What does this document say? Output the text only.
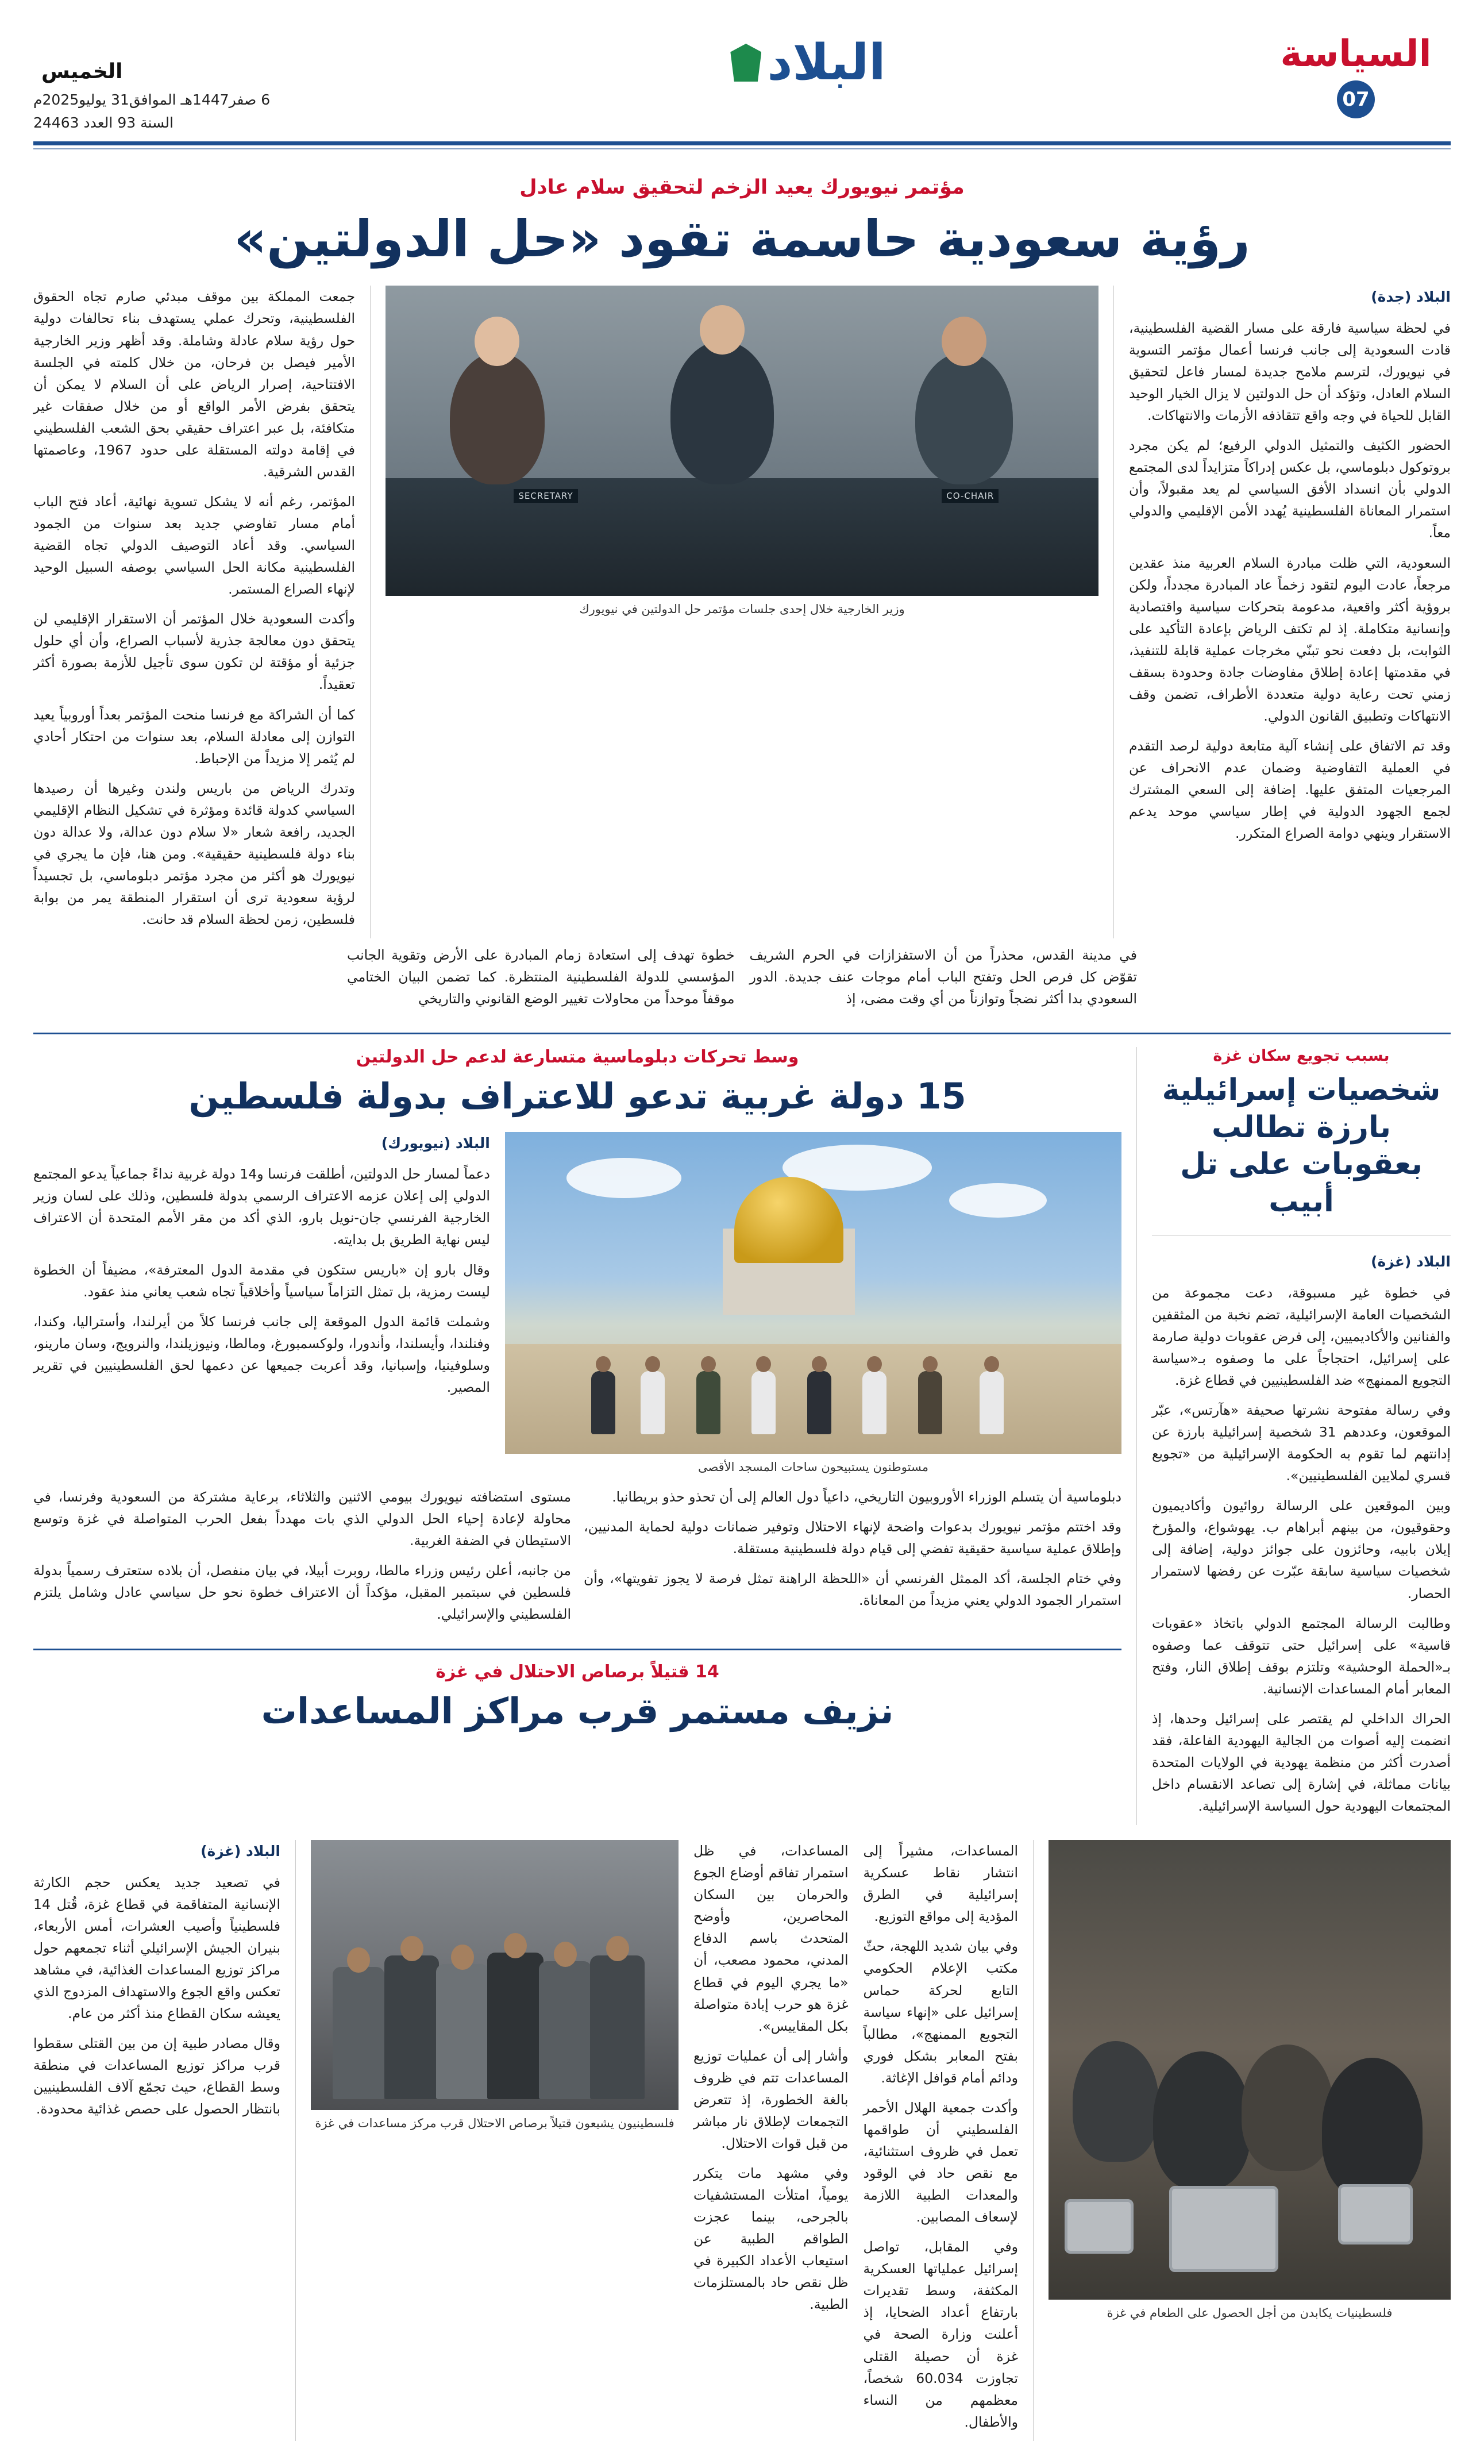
السياسة
07
البلاد
الخميس
6 صفر1447هـ الموافق31 يوليو2025م
السنة 93 العدد 24463
مؤتمر نيويورك يعيد الزخم لتحقيق سلام عادل
رؤية سعودية حاسمة تقود «حل الدولتين»

البلاد (جدة)

في لحظة سياسية فارقة على مسار القضية الفلسطينية، قادت السعودية إلى جانب فرنسا أعمال مؤتمر التسوية في نيويورك، لترسم ملامح جديدة لمسار فاعل لتحقيق السلام العادل، وتؤكد أن حل الدولتين لا يزال الخيار الوحيد القابل للحياة في وجه واقع تتقاذفه الأزمات والانتهاكات.

الحضور الكثيف والتمثيل الدولي الرفيع؛ لم يكن مجرد بروتوكول دبلوماسي، بل عكس إدراكاً متزايداً لدى المجتمع الدولي بأن انسداد الأفق السياسي لم يعد مقبولاً، وأن استمرار المعاناة الفلسطينية يُهدد الأمن الإقليمي والدولي معاً.

السعودية، التي ظلت مبادرة السلام العربية منذ عقدين مرجعاً، عادت اليوم لتقود زخماً عاد المبادرة مجدداً، ولكن بروؤية أكثر واقعية، مدعومة بتحركات سياسية واقتصادية وإنسانية متكاملة. إذ لم تكتف الرياض بإعادة التأكيد على الثوابت، بل دفعت نحو تبنّي مخرجات عملية قابلة للتنفيذ، في مقدمتها إعادة إطلاق مفاوضات جادة وحدودة بسقف زمني تحت رعاية دولية متعددة الأطراف، تضمن وقف الانتهاكات وتطبيق القانون الدولي.

وقد تم الاتفاق على إنشاء آلية متابعة دولية لرصد التقدم في العملية التفاوضية وضمان عدم الانحراف عن المرجعيات المتفق عليها. إضافة إلى السعي المشترك لجمع الجهود الدولية في إطار سياسي موحد يدعم الاستقرار وينهي دوامة الصراع المتكرر.

CO-CHAIR
SECRETARY
وزير الخارجية خلال إحدى جلسات مؤتمر حل الدولتين في نيويورك

جمعت المملكة بين موقف مبدئي صارم تجاه الحقوق الفلسطينية، وتحرك عملي يستهدف بناء تحالفات دولية حول رؤية سلام عادلة وشاملة. وقد أظهر وزير الخارجية الأمير فيصل بن فرحان، من خلال كلمته في الجلسة الافتتاحية، إصرار الرياض على أن السلام لا يمكن أن يتحقق بفرض الأمر الواقع أو من خلال صفقات غير متكافئة، بل عبر اعتراف حقيقي بحق الشعب الفلسطيني في إقامة دولته المستقلة على حدود 1967، وعاصمتها القدس الشرقية.

المؤتمر، رغم أنه لا يشكل تسوية نهائية، أعاد فتح الباب أمام مسار تفاوضي جديد بعد سنوات من الجمود السياسي. وقد أعاد التوصيف الدولي تجاه القضية الفلسطينية مكانة الحل السياسي بوصفه السبيل الوحيد لإنهاء الصراع المستمر.

وأكدت السعودية خلال المؤتمر أن الاستقرار الإقليمي لن يتحقق دون معالجة جذرية لأسباب الصراع، وأن أي حلول جزئية أو مؤقتة لن تكون سوى تأجيل للأزمة بصورة أكثر تعقيداً.

كما أن الشراكة مع فرنسا منحت المؤتمر بعداً أوروبياً يعيد التوازن إلى معادلة السلام، بعد سنوات من احتكار أحادي لم يُثمر إلا مزيداً من الإحباط.

وتدرك الرياض من باريس ولندن وغيرها أن رصيدها السياسي كدولة قائدة ومؤثرة في تشكيل النظام الإقليمي الجديد، رافعة شعار «لا سلام دون عدالة، ولا عدالة دون بناء دولة فلسطينية حقيقية». ومن هنا، فإن ما يجري في نيويورك هو أكثر من مجرد مؤتمر دبلوماسي، بل تجسيداً لرؤية سعودية ترى أن استقرار المنطقة يمر من بوابة فلسطين، زمن لحظة السلام قد حانت.

في مدينة القدس، محذراً من أن الاستفزازات في الحرم الشريف تقوّض كل فرص الحل وتفتح الباب أمام موجات عنف جديدة. الدور السعودي بدا أكثر نضجاً وتوازناً من أي وقت مضى، إذ

خطوة تهدف إلى استعادة زمام المبادرة على الأرض وتقوية الجانب المؤسسي للدولة الفلسطينية المنتظرة. كما تضمن البيان الختامي موقفاً موحداً من محاولات تغيير الوضع القانوني والتاريخي

بسبب تجويع سكان غزة
شخصيات إسرائيلية بارزة تطالب بعقوبات على تل أبيب

البلاد (غزة)

في خطوة غير مسبوقة، دعت مجموعة من الشخصيات العامة الإسرائيلية، تضم نخبة من المثقفين والفنانين والأكاديميين، إلى فرض عقوبات دولية صارمة على إسرائيل، احتجاجاً على ما وصفوه بـ«سياسة التجويع الممنهج» ضد الفلسطينيين في قطاع غزة.

وفي رسالة مفتوحة نشرتها صحيفة «هآرتس»، عبّر الموقعون، وعددهم 31 شخصية إسرائيلية بارزة عن إدانتهم لما تقوم به الحكومة الإسرائيلية من «تجويع قسري لملايين الفلسطينيين».

وبين الموقعين على الرسالة روائيون وأكاديميون وحقوقيون، من بينهم أبراهام ب. يهوشواع، والمؤرخ إيلان بابيه، وحائزون على جوائز دولية، إضافة إلى شخصيات سياسية سابقة عبّرت عن رفضها لاستمرار الحصار.

وطالبت الرسالة المجتمع الدولي باتخاذ «عقوبات قاسية» على إسرائيل حتى تتوقف عما وصفوه بـ«الحملة الوحشية» وتلتزم بوقف إطلاق النار، وفتح المعابر أمام المساعدات الإنسانية.

الحراك الداخلي لم يقتصر على إسرائيل وحدها، إذ انضمت إليه أصوات من الجالية اليهودية الفاعلة، فقد أصدرت أكثر من منظمة يهودية في الولايات المتحدة بيانات مماثلة، في إشارة إلى تصاعد الانقسام داخل المجتمعات اليهودية حول السياسة الإسرائيلية.

وسط تحركات دبلوماسية متسارعة لدعم حل الدولتين
15 دولة غربية تدعو للاعتراف بدولة فلسطين
مستوطنون يستبيحون ساحات المسجد الأقصى

البلاد (نيويورك)

دعماً لمسار حل الدولتين، أطلقت فرنسا و14 دولة غربية نداءً جماعياً يدعو المجتمع الدولي إلى إعلان عزمه الاعتراف الرسمي بدولة فلسطين، وذلك على لسان وزير الخارجية الفرنسي جان-نويل بارو، الذي أكد من مقر الأمم المتحدة أن الاعتراف ليس نهاية الطريق بل بدايته.

وقال بارو إن «باريس ستكون في مقدمة الدول المعترفة»، مضيفاً أن الخطوة ليست رمزية، بل تمثل التزاماً سياسياً وأخلاقياً تجاه شعب يعاني منذ عقود.

وشملت قائمة الدول الموقعة إلى جانب فرنسا كلاً من أيرلندا، وأستراليا، وكندا، وفنلندا، وأيسلندا، وأندورا، ولوكسمبورغ، ومالطا، ونيوزيلندا، والنرويج، وسان مارينو، وسلوفينيا، وإسبانيا، وقد أعربت جميعها عن دعمها لحق الفلسطينيين في تقرير المصير.

دبلوماسية أن يتسلم الوزراء الأوروبيون التاريخي، داعياً دول العالم إلى أن تحذو حذو بريطانيا.

وقد اختتم مؤتمر نيويورك بدعوات واضحة لإنهاء الاحتلال وتوفير ضمانات دولية لحماية المدنيين، وإطلاق عملية سياسية حقيقية تفضي إلى قيام دولة فلسطينية مستقلة.

وفي ختام الجلسة، أكد الممثل الفرنسي أن «اللحظة الراهنة تمثل فرصة لا يجوز تفويتها»، وأن استمرار الجمود الدولي يعني مزيداً من المعاناة.

مستوى استضافته نيويورك بيومي الاثنين والثلاثاء، برعاية مشتركة من السعودية وفرنسا، في محاولة لإعادة إحياء الحل الدولي الذي بات مهدداً بفعل الحرب المتواصلة في غزة وتوسع الاستيطان في الضفة الغربية.

من جانبه، أعلن رئيس وزراء مالطا، روبرت أبيلا، في بيان منفصل، أن بلاده ستعترف رسمياً بدولة فلسطين في سبتمبر المقبل، مؤكداً أن الاعتراف خطوة نحو حل سياسي عادل وشامل يلتزم الفلسطيني والإسرائيلي.

14 قتيلاً برصاص الاحتلال في غزة
نزيف مستمر قرب مراكز المساعدات
فلسطينيات يكابدن من أجل الحصول على الطعام في غزة

المساعدات، مشيراً إلى انتشار نقاط عسكرية إسرائيلية في الطرق المؤدية إلى مواقع التوزيع.

وفي بيان شديد اللهجة، حثّ مكتب الإعلام الحكومي التابع لحركة حماس إسرائيل على «إنهاء سياسة التجويع الممنهج»، مطالباً بفتح المعابر بشكل فوري ودائم أمام قوافل الإغاثة.

وأكدت جمعية الهلال الأحمر الفلسطيني أن طواقمها تعمل في ظروف استثنائية، مع نقص حاد في الوقود والمعدات الطبية اللازمة لإسعاف المصابين.

وفي المقابل، تواصل إسرائيل عملياتها العسكرية المكثفة، وسط تقديرات بارتفاع أعداد الضحايا، إذ أعلنت وزارة الصحة في غزة أن حصيلة القتلى تجاوزت 60.034 شخصاً، معظمهم من النساء والأطفال.

المساعدات، في ظل استمرار تفاقم أوضاع الجوع والحرمان بين السكان المحاصرين، وأوضح المتحدث باسم الدفاع المدني، محمود مصعب، أن «ما يجري اليوم في قطاع غزة هو حرب إبادة متواصلة بكل المقاييس».

وأشار إلى أن عمليات توزيع المساعدات تتم في ظروف بالغة الخطورة، إذ تتعرض التجمعات لإطلاق نار مباشر من قبل قوات الاحتلال.

وفي مشهد مات يتكرر يومياً، امتلأت المستشفيات بالجرحى، بينما عجزت الطواقم الطبية عن استيعاب الأعداد الكبيرة في ظل نقص حاد بالمستلزمات الطبية.

فلسطينيون يشيعون قتيلاً برصاص الاحتلال قرب مركز مساعدات في غزة

البلاد (غزة)

في تصعيد جديد يعكس حجم الكارثة الإنسانية المتفاقمة في قطاع غزة، قُتل 14 فلسطينياً وأصيب العشرات، أمس الأربعاء، بنيران الجيش الإسرائيلي أثناء تجمعهم حول مراكز توزيع المساعدات الغذائية، في مشاهد تعكس واقع الجوع والاستهداف المزدوج الذي يعيشه سكان القطاع منذ أكثر من عام.

وقال مصادر طبية إن من بين القتلى سقطوا قرب مراكز توزيع المساعدات في منطقة وسط القطاع، حيث تجمّع آلاف الفلسطينيين بانتظار الحصول على حصص غذائية محدودة.
